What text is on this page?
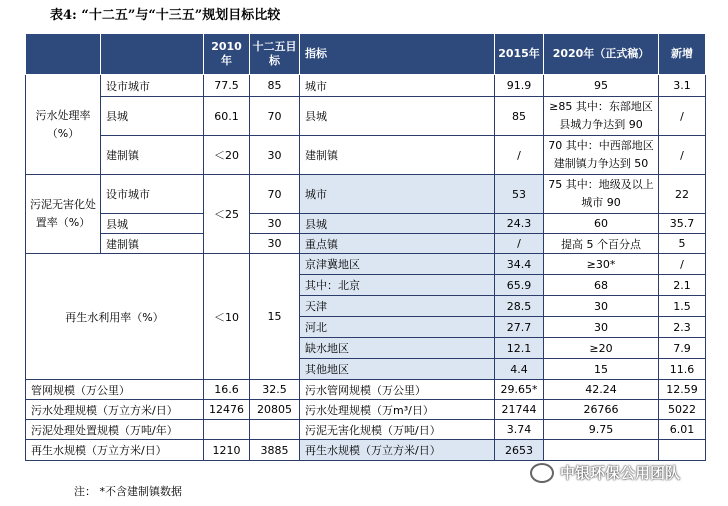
表4: “十二五”与“十三五”规划目标比较
		2010年	十二五目标	指标	2015年	2020年（正式稿）	新增
污水处理率（%）	设市城市	77.5	85	城市	91.9	95	3.1
	县城	60.1	70	县城	85	≥85 其中：东部地区县城力争达到 90	/
	建制镇	＜20	30	建制镇	/	70 其中：中西部地区建制镇力争达到 50	/
污泥无害化处置率（%）	设市城市	＜25	70	城市	53	75 其中：地级及以上城市 90	22
	县城		30	县城	24.3	60	35.7
	建制镇		30	重点镇	/	提高 5 个百分点	5
再生水利用率（%）		＜10	15	京津冀地区	34.4	≥30*	/
				其中：北京	65.9	68	2.1
				天津	28.5	30	1.5
				河北	27.7	30	2.3
				缺水地区	12.1	≥20	7.9
				其他地区	4.4	15	11.6
管网规模（万公里）		16.6	32.5	污水管网规模（万公里）	29.65*	42.24	12.59
污水处理规模（万立方米/日）		12476	20805	污水处理规模（万m³/日）	21744	26766	5022
污泥处理处置规模（万吨/年）				污泥无害化规模（万吨/日）	3.74	9.75	6.01
再生水规模（万立方米/日）		1210	3885	再生水规模（万立方米/日）	2653		
注： *不含建制镇数据
中银环保公用团队
